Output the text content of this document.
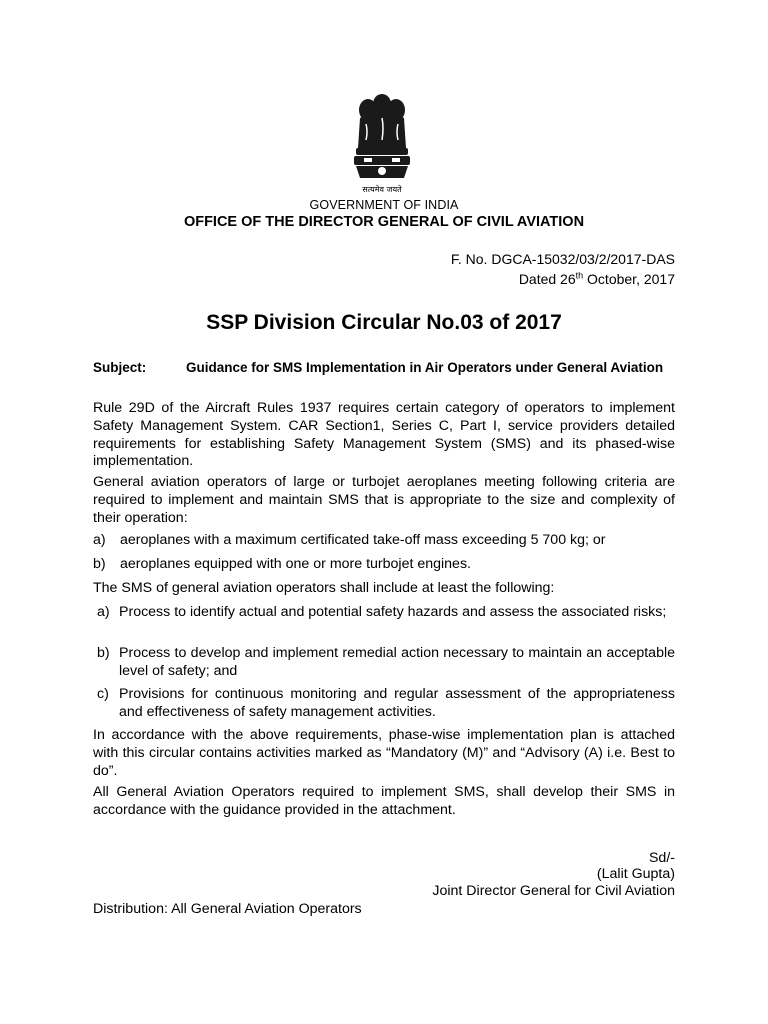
सत्यमेव जयते
GOVERNMENT OF INDIA
OFFICE OF THE DIRECTOR GENERAL OF CIVIL AVIATION
F. No. DGCA-15032/03/2/2017-DAS
Dated 26th October, 2017
SSP Division Circular No.03 of 2017
Subject:	Guidance for SMS Implementation in Air Operators under General Aviation
Rule 29D of the Aircraft Rules 1937 requires certain category of operators to implement Safety Management System. CAR Section1, Series C, Part I, service providers detailed requirements for establishing Safety Management System (SMS) and its phased-wise implementation.
General aviation operators of large or turbojet aeroplanes meeting following criteria are required to implement and maintain SMS that is appropriate to the size and complexity of their operation:
a) aeroplanes with a maximum certificated take-off mass exceeding 5 700 kg; or
b) aeroplanes equipped with one or more turbojet engines.
The SMS of general aviation operators shall include at least the following:
a) Process to identify actual and potential safety hazards and assess the associated risks;
b) Process to develop and implement remedial action necessary to maintain an acceptable level of safety; and
c) Provisions for continuous monitoring and regular assessment of the appropriateness and effectiveness of safety management activities.
In accordance with the above requirements, phase-wise implementation plan is attached with this circular contains activities marked as “Mandatory (M)” and “Advisory (A) i.e. Best to do”.
All General Aviation Operators required to implement SMS, shall develop their SMS in accordance with the guidance provided in the attachment.
Sd/-
(Lalit Gupta)
Joint Director General for Civil Aviation
Distribution: All General Aviation Operators
